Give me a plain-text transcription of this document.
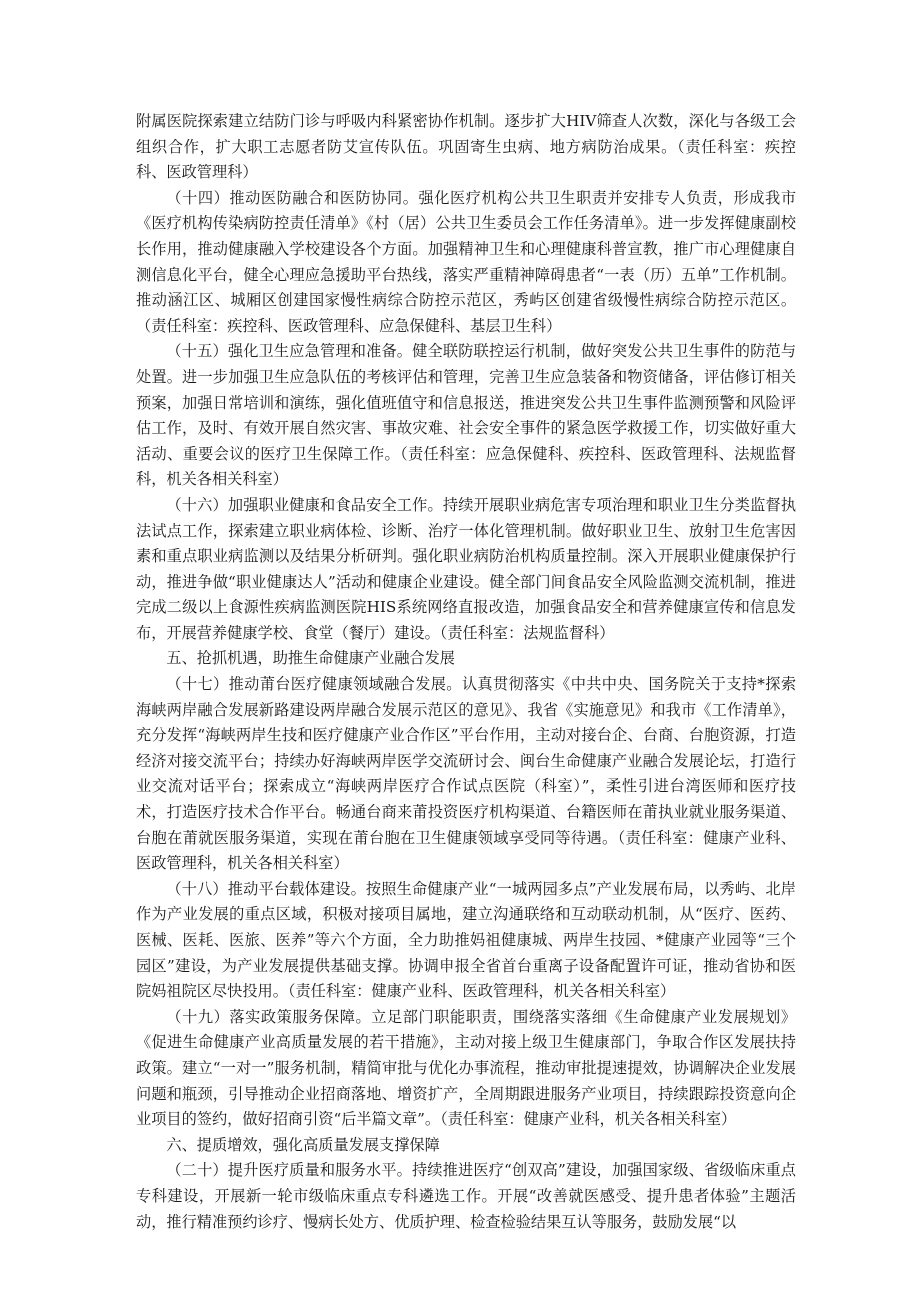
附属医院探索建立结防门诊与呼吸内科紧密协作机制。逐步扩大HIV筛查人次数，深化与各级工会组织合作，扩大职工志愿者防艾宣传队伍。巩固寄生虫病、地方病防治成果。（责任科室：疾控科、医政管理科）

（十四）推动医防融合和医防协同。强化医疗机构公共卫生职责并安排专人负责，形成我市《医疗机构传染病防控责任清单》《村（居）公共卫生委员会工作任务清单》。进一步发挥健康副校长作用，推动健康融入学校建设各个方面。加强精神卫生和心理健康科普宣教，推广市心理健康自测信息化平台，健全心理应急援助平台热线，落实严重精神障碍患者“一表（历）五单”工作机制。推动涵江区、城厢区创建国家慢性病综合防控示范区，秀屿区创建省级慢性病综合防控示范区。（责任科室：疾控科、医政管理科、应急保健科、基层卫生科）

（十五）强化卫生应急管理和准备。健全联防联控运行机制，做好突发公共卫生事件的防范与处置。进一步加强卫生应急队伍的考核评估和管理，完善卫生应急装备和物资储备，评估修订相关预案，加强日常培训和演练，强化值班值守和信息报送，推进突发公共卫生事件监测预警和风险评估工作，及时、有效开展自然灾害、事故灾难、社会安全事件的紧急医学救援工作，切实做好重大活动、重要会议的医疗卫生保障工作。（责任科室：应急保健科、疾控科、医政管理科、法规监督科，机关各相关科室）

（十六）加强职业健康和食品安全工作。持续开展职业病危害专项治理和职业卫生分类监督执法试点工作，探索建立职业病体检、诊断、治疗一体化管理机制。做好职业卫生、放射卫生危害因素和重点职业病监测以及结果分析研判。强化职业病防治机构质量控制。深入开展职业健康保护行动，推进争做“职业健康达人”活动和健康企业建设。健全部门间食品安全风险监测交流机制，推进完成二级以上食源性疾病监测医院HIS系统网络直报改造，加强食品安全和营养健康宣传和信息发布，开展营养健康学校、食堂（餐厅）建设。（责任科室：法规监督科）

五、抢抓机遇，助推生命健康产业融合发展

（十七）推动莆台医疗健康领域融合发展。认真贯彻落实《中共中央、国务院关于支持*探索海峡两岸融合发展新路建设两岸融合发展示范区的意见》、我省《实施意见》和我市《工作清单》，充分发挥“海峡两岸生技和医疗健康产业合作区”平台作用，主动对接台企、台商、台胞资源，打造经济对接交流平台；持续办好海峡两岸医学交流研讨会、闽台生命健康产业融合发展论坛，打造行业交流对话平台；探索成立“海峡两岸医疗合作试点医院（科室）”，柔性引进台湾医师和医疗技术，打造医疗技术合作平台。畅通台商来莆投资医疗机构渠道、台籍医师在莆执业就业服务渠道、台胞在莆就医服务渠道，实现在莆台胞在卫生健康领域享受同等待遇。（责任科室：健康产业科、医政管理科，机关各相关科室）

（十八）推动平台载体建设。按照生命健康产业“一城两园多点”产业发展布局，以秀屿、北岸作为产业发展的重点区域，积极对接项目属地，建立沟通联络和互动联动机制，从“医疗、医药、医械、医耗、医旅、医养”等六个方面，全力助推妈祖健康城、两岸生技园、*健康产业园等“三个园区”建设，为产业发展提供基础支撑。协调申报全省首台重离子设备配置许可证，推动省协和医院妈祖院区尽快投用。（责任科室：健康产业科、医政管理科，机关各相关科室）

（十九）落实政策服务保障。立足部门职能职责，围绕落实落细《生命健康产业发展规划》《促进生命健康产业高质量发展的若干措施》，主动对接上级卫生健康部门，争取合作区发展扶持政策。建立“一对一”服务机制，精简审批与优化办事流程，推动审批提速提效，协调解决企业发展问题和瓶颈，引导推动企业招商落地、增资扩产，全周期跟进服务产业项目，持续跟踪投资意向企业项目的签约，做好招商引资“后半篇文章”。（责任科室：健康产业科，机关各相关科室）

六、提质增效，强化高质量发展支撑保障

（二十）提升医疗质量和服务水平。持续推进医疗“创双高”建设，加强国家级、省级临床重点专科建设，开展新一轮市级临床重点专科遴选工作。开展“改善就医感受、提升患者体验”主题活动，推行精准预约诊疗、慢病长处方、优质护理、检查检验结果互认等服务，鼓励发展“以
